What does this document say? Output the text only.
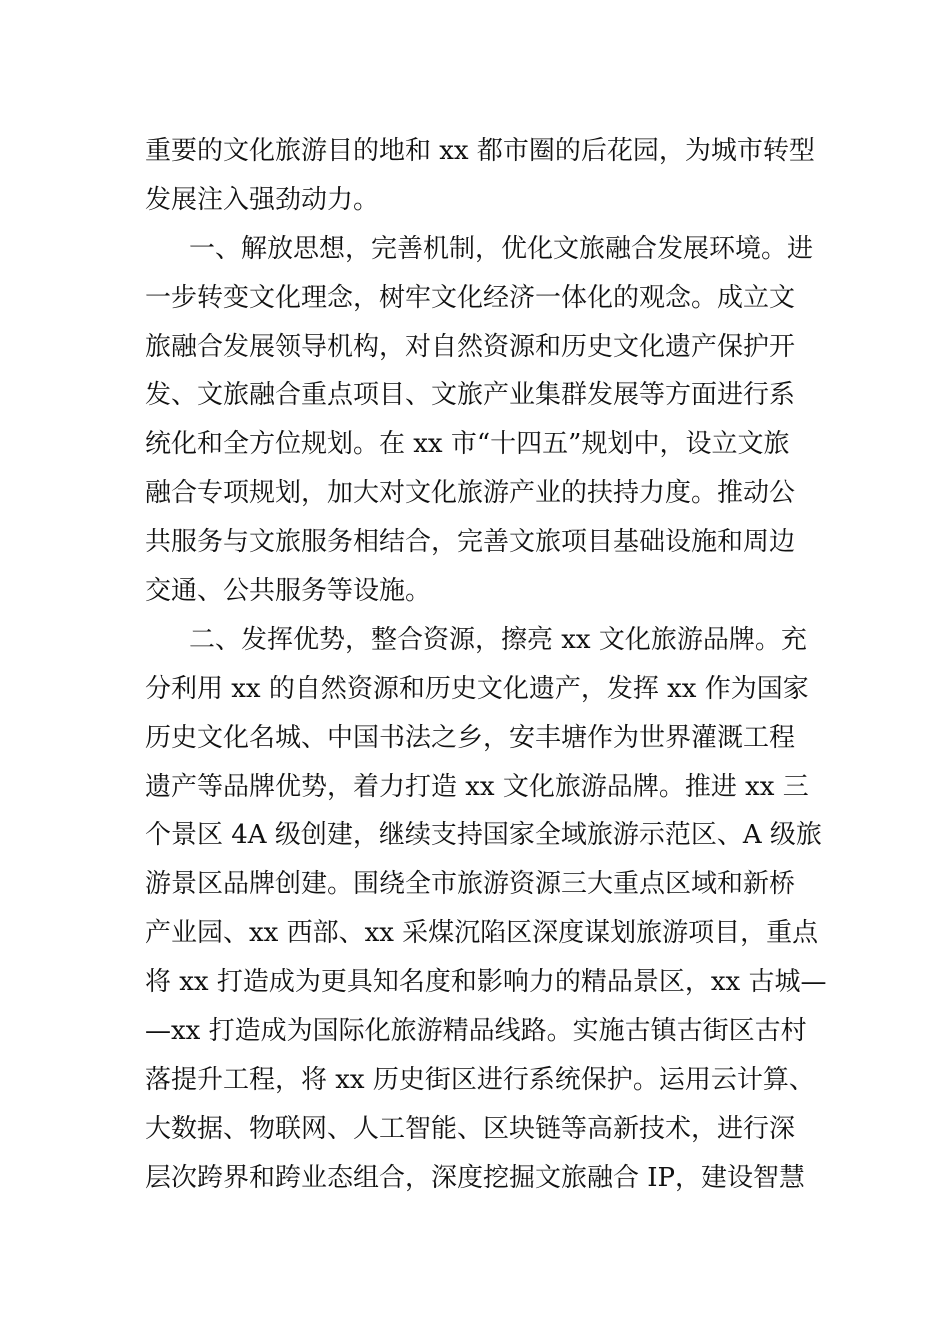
重要的文化旅游目的地和 xx 都市圈的后花园，为城市转型
发展注入强劲动力。
一、解放思想，完善机制，优化文旅融合发展环境。进
一步转变文化理念，树牢文化经济一体化的观念。成立文
旅融合发展领导机构，对自然资源和历史文化遗产保护开
发、文旅融合重点项目、文旅产业集群发展等方面进行系
统化和全方位规划。在 xx 市“十四五”规划中，设立文旅
融合专项规划，加大对文化旅游产业的扶持力度。推动公
共服务与文旅服务相结合，完善文旅项目基础设施和周边
交通、公共服务等设施。
二、发挥优势，整合资源，擦亮 xx 文化旅游品牌。充
分利用 xx 的自然资源和历史文化遗产，发挥 xx 作为国家
历史文化名城、中国书法之乡，安丰塘作为世界灌溉工程
遗产等品牌优势，着力打造 xx 文化旅游品牌。推进 xx 三
个景区 4A 级创建，继续支持国家全域旅游示范区、A 级旅
游景区品牌创建。围绕全市旅游资源三大重点区域和新桥
产业园、xx 西部、xx 采煤沉陷区深度谋划旅游项目，重点
将 xx 打造成为更具知名度和影响力的精品景区，xx 古城—
—xx 打造成为国际化旅游精品线路。实施古镇古街区古村
落提升工程，将 xx 历史街区进行系统保护。运用云计算、
大数据、物联网、人工智能、区块链等高新技术，进行深
层次跨界和跨业态组合，深度挖掘文旅融合 IP，建设智慧
